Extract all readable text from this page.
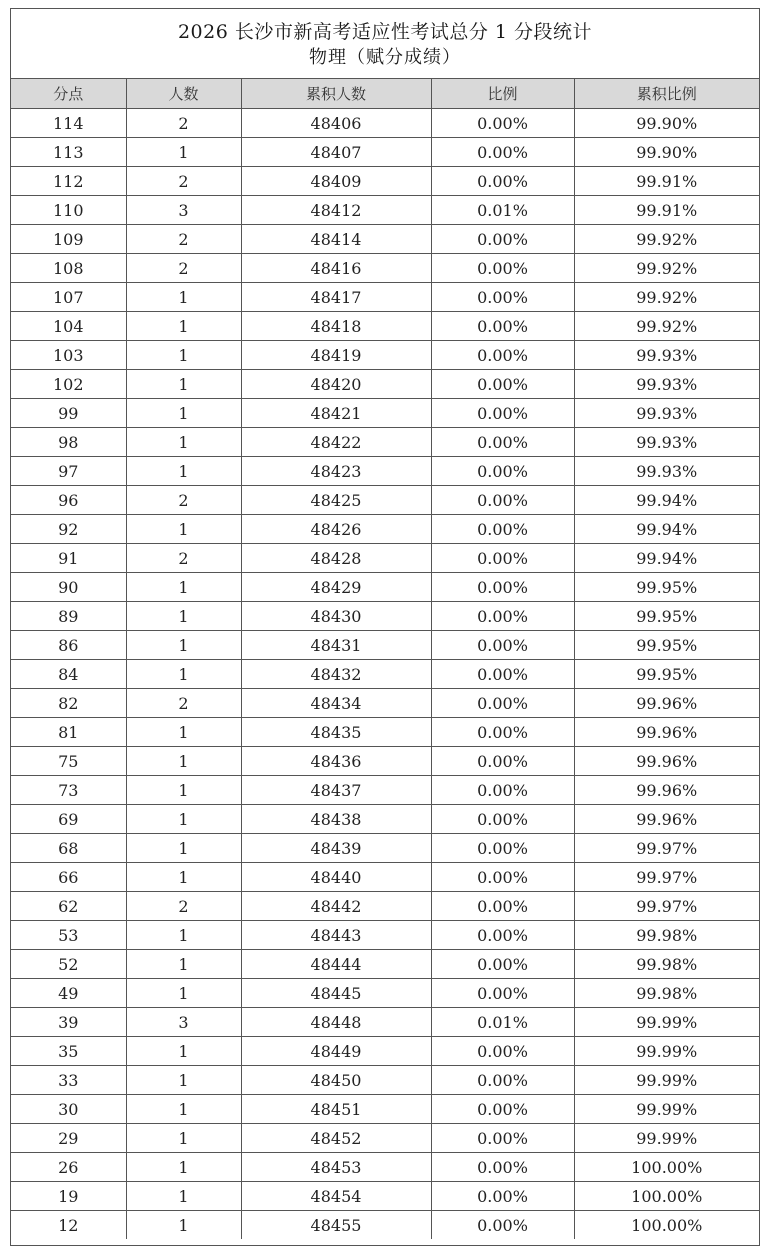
2026 长沙市新高考适应性考试总分 1 分段统计
物理（赋分成绩）
分点	人数	累积人数	比例	累积比例
114	2	48406	0.00%	99.90%
113	1	48407	0.00%	99.90%
112	2	48409	0.00%	99.91%
110	3	48412	0.01%	99.91%
109	2	48414	0.00%	99.92%
108	2	48416	0.00%	99.92%
107	1	48417	0.00%	99.92%
104	1	48418	0.00%	99.92%
103	1	48419	0.00%	99.93%
102	1	48420	0.00%	99.93%
99	1	48421	0.00%	99.93%
98	1	48422	0.00%	99.93%
97	1	48423	0.00%	99.93%
96	2	48425	0.00%	99.94%
92	1	48426	0.00%	99.94%
91	2	48428	0.00%	99.94%
90	1	48429	0.00%	99.95%
89	1	48430	0.00%	99.95%
86	1	48431	0.00%	99.95%
84	1	48432	0.00%	99.95%
82	2	48434	0.00%	99.96%
81	1	48435	0.00%	99.96%
75	1	48436	0.00%	99.96%
73	1	48437	0.00%	99.96%
69	1	48438	0.00%	99.96%
68	1	48439	0.00%	99.97%
66	1	48440	0.00%	99.97%
62	2	48442	0.00%	99.97%
53	1	48443	0.00%	99.98%
52	1	48444	0.00%	99.98%
49	1	48445	0.00%	99.98%
39	3	48448	0.01%	99.99%
35	1	48449	0.00%	99.99%
33	1	48450	0.00%	99.99%
30	1	48451	0.00%	99.99%
29	1	48452	0.00%	99.99%
26	1	48453	0.00%	100.00%
19	1	48454	0.00%	100.00%
12	1	48455	0.00%	100.00%
